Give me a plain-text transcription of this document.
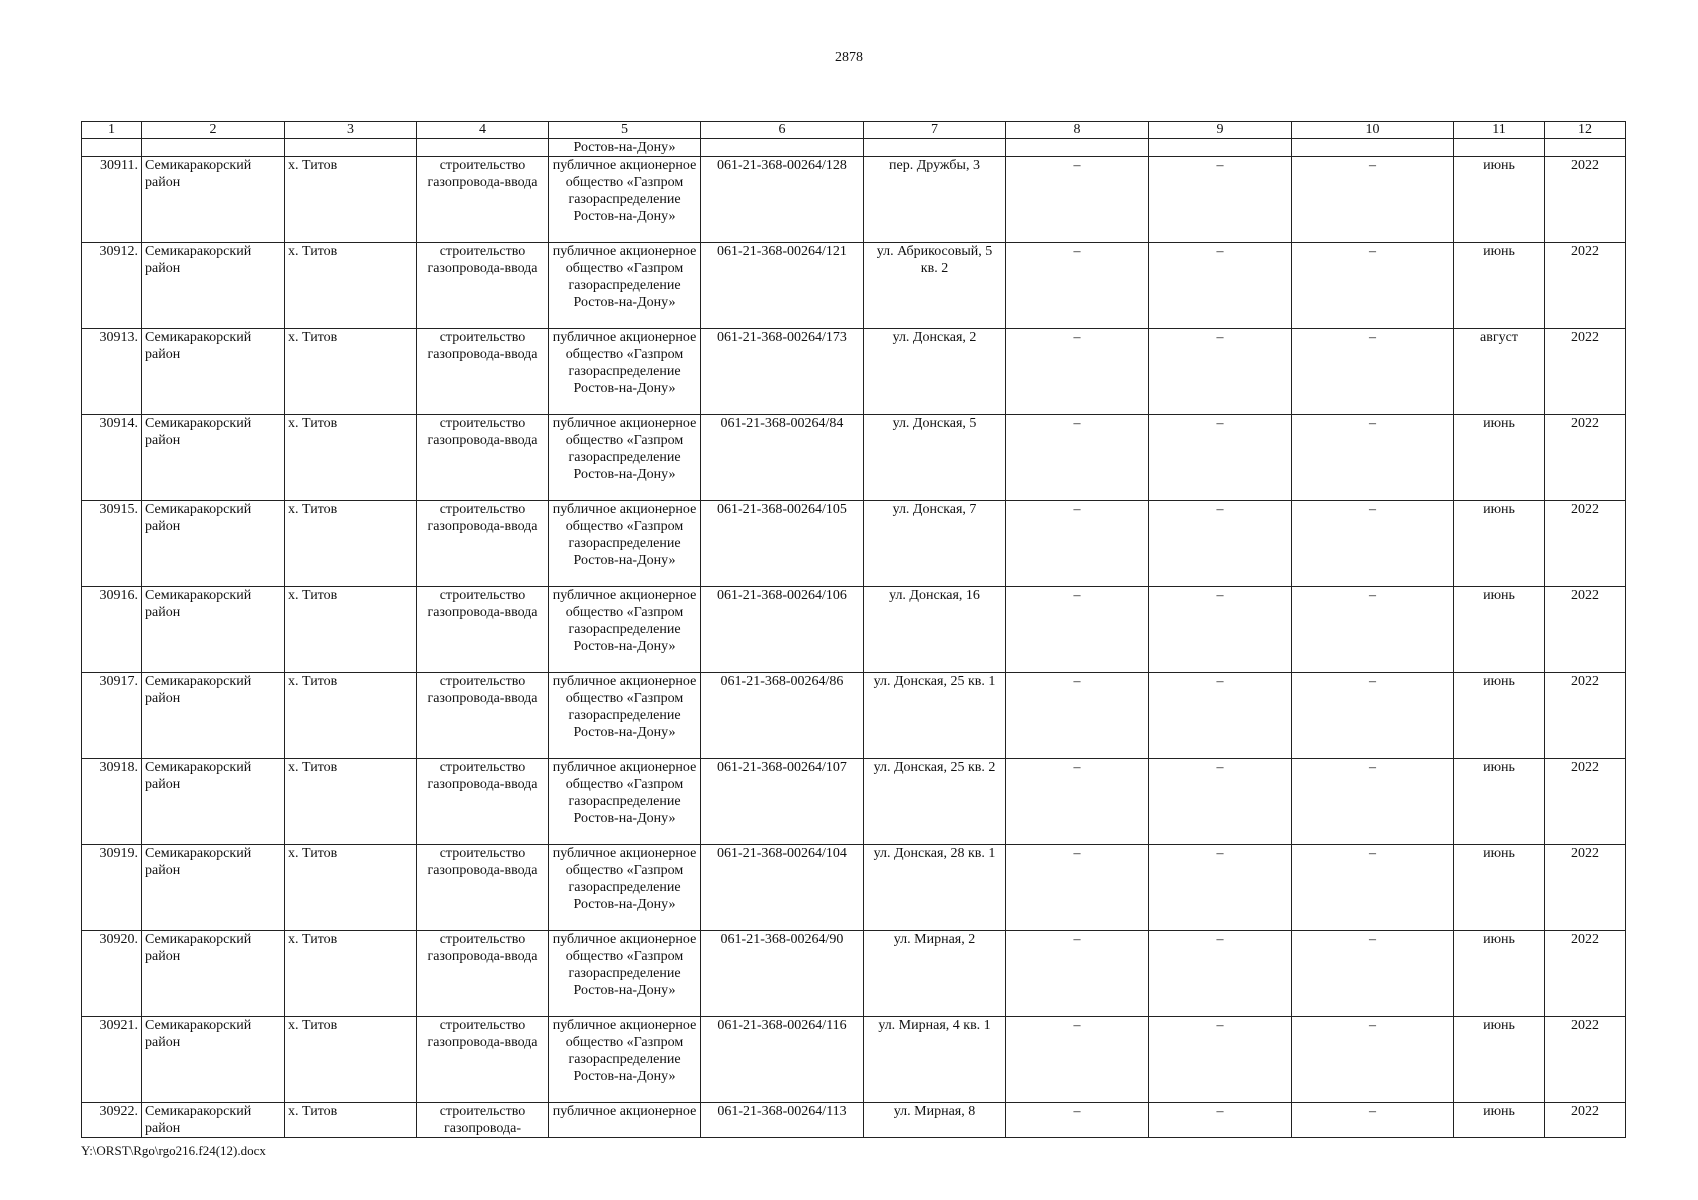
2878
1	2	3	4	5	6	7	8	9	10	11	12
				Ростов-на-Дону»							
30911.	Семикаракорский район	х. Титов	строительство газопровода-ввода	публичное акционерное общество «Газпром газораспределение Ростов-на-Дону»	061-21-368-00264/128	пер. Дружбы, 3	–	–	–	июнь	2022
30912.	Семикаракорский район	х. Титов	строительство газопровода-ввода	публичное акционерное общество «Газпром газораспределение Ростов-на-Дону»	061-21-368-00264/121	ул. Абрикосовый, 5 кв. 2	–	–	–	июнь	2022
30913.	Семикаракорский район	х. Титов	строительство газопровода-ввода	публичное акционерное общество «Газпром газораспределение Ростов-на-Дону»	061-21-368-00264/173	ул. Донская, 2	–	–	–	август	2022
30914.	Семикаракорский район	х. Титов	строительство газопровода-ввода	публичное акционерное общество «Газпром газораспределение Ростов-на-Дону»	061-21-368-00264/84	ул. Донская, 5	–	–	–	июнь	2022
30915.	Семикаракорский район	х. Титов	строительство газопровода-ввода	публичное акционерное общество «Газпром газораспределение Ростов-на-Дону»	061-21-368-00264/105	ул. Донская, 7	–	–	–	июнь	2022
30916.	Семикаракорский район	х. Титов	строительство газопровода-ввода	публичное акционерное общество «Газпром газораспределение Ростов-на-Дону»	061-21-368-00264/106	ул. Донская, 16	–	–	–	июнь	2022
30917.	Семикаракорский район	х. Титов	строительство газопровода-ввода	публичное акционерное общество «Газпром газораспределение Ростов-на-Дону»	061-21-368-00264/86	ул. Донская, 25 кв. 1	–	–	–	июнь	2022
30918.	Семикаракорский район	х. Титов	строительство газопровода-ввода	публичное акционерное общество «Газпром газораспределение Ростов-на-Дону»	061-21-368-00264/107	ул. Донская, 25 кв. 2	–	–	–	июнь	2022
30919.	Семикаракорский район	х. Титов	строительство газопровода-ввода	публичное акционерное общество «Газпром газораспределение Ростов-на-Дону»	061-21-368-00264/104	ул. Донская, 28 кв. 1	–	–	–	июнь	2022
30920.	Семикаракорский район	х. Титов	строительство газопровода-ввода	публичное акционерное общество «Газпром газораспределение Ростов-на-Дону»	061-21-368-00264/90	ул. Мирная, 2	–	–	–	июнь	2022
30921.	Семикаракорский район	х. Титов	строительство газопровода-ввода	публичное акционерное общество «Газпром газораспределение Ростов-на-Дону»	061-21-368-00264/116	ул. Мирная, 4 кв. 1	–	–	–	июнь	2022
30922.	Семикаракорский район	х. Титов	строительство газопровода-	публичное акционерное	061-21-368-00264/113	ул. Мирная, 8	–	–	–	июнь	2022
Y:\ORST\Rgo\rgo216.f24(12).docx
